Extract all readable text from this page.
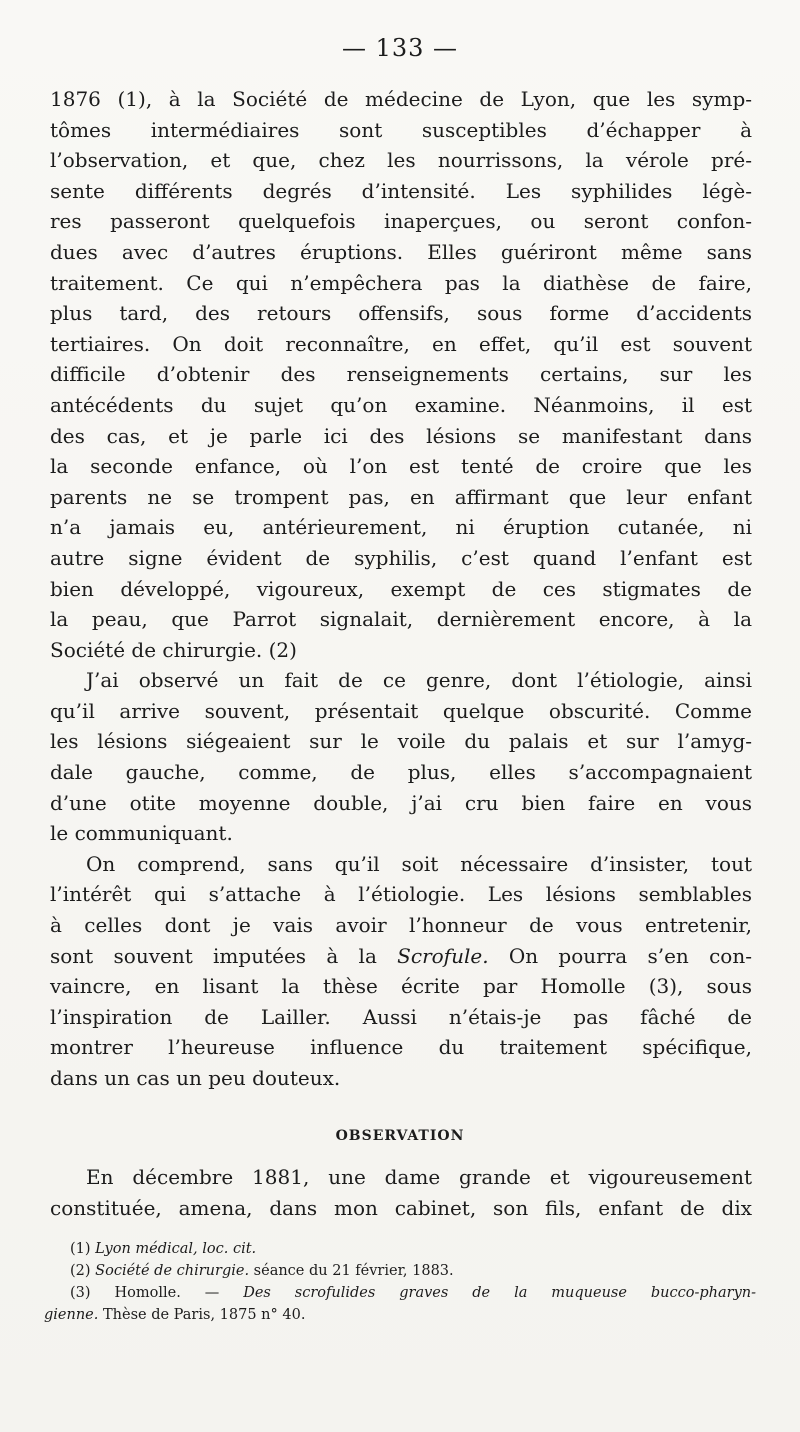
— 133 —
1876 (1), à la Société de médecine de Lyon, que les symp-
tômes intermédiaires sont susceptibles d’échapper à
l’observation, et que, chez les nourrissons, la vérole pré-
sente différents degrés d’intensité. Les syphilides légè-
res passeront quelquefois inaperçues, ou seront confon-
dues avec d’autres éruptions. Elles guériront même sans
traitement. Ce qui n’empêchera pas la diathèse de faire,
plus tard, des retours offensifs, sous forme d’accidents
tertiaires. On doit reconnaître, en effet, qu’il est souvent
difficile d’obtenir des renseignements certains, sur les
antécédents du sujet qu’on examine. Néanmoins, il est
des cas, et je parle ici des lésions se manifestant dans
la seconde enfance, où l’on est tenté de croire que les
parents ne se trompent pas, en affirmant que leur enfant
n’a jamais eu, antérieurement, ni éruption cutanée, ni
autre signe évident de syphilis, c’est quand l’enfant est
bien développé, vigoureux, exempt de ces stigmates de
la peau, que Parrot signalait, dernièrement encore, à la
Société de chirurgie. (2)
J’ai observé un fait de ce genre, dont l’étiologie, ainsi
qu’il arrive souvent, présentait quelque obscurité. Comme
les lésions siégeaient sur le voile du palais et sur l’amyg-
dale gauche, comme, de plus, elles s’accompagnaient
d’une otite moyenne double, j’ai cru bien faire en vous
le communiquant.
On comprend, sans qu’il soit nécessaire d’insister, tout
l’intérêt qui s’attache à l’étiologie. Les lésions semblables
à celles dont je vais avoir l’honneur de vous entretenir,
sont souvent imputées à la Scrofule. On pourra s’en con-
vaincre, en lisant la thèse écrite par Homolle (3), sous
l’inspiration de Lailler. Aussi n’étais-je pas fâché de
montrer l’heureuse influence du traitement spécifique,
dans un cas un peu douteux.
OBSERVATION
En décembre 1881, une dame grande et vigoureusement
constituée, amena, dans mon cabinet, son fils, enfant de dix
(1) Lyon médical, loc. cit.
(2) Société de chirurgie. séance du 21 février, 1883.
(3) Homolle. — Des scrofulides graves de la muqueuse bucco-pharyn-
gienne. Thèse de Paris, 1875 n° 40.
